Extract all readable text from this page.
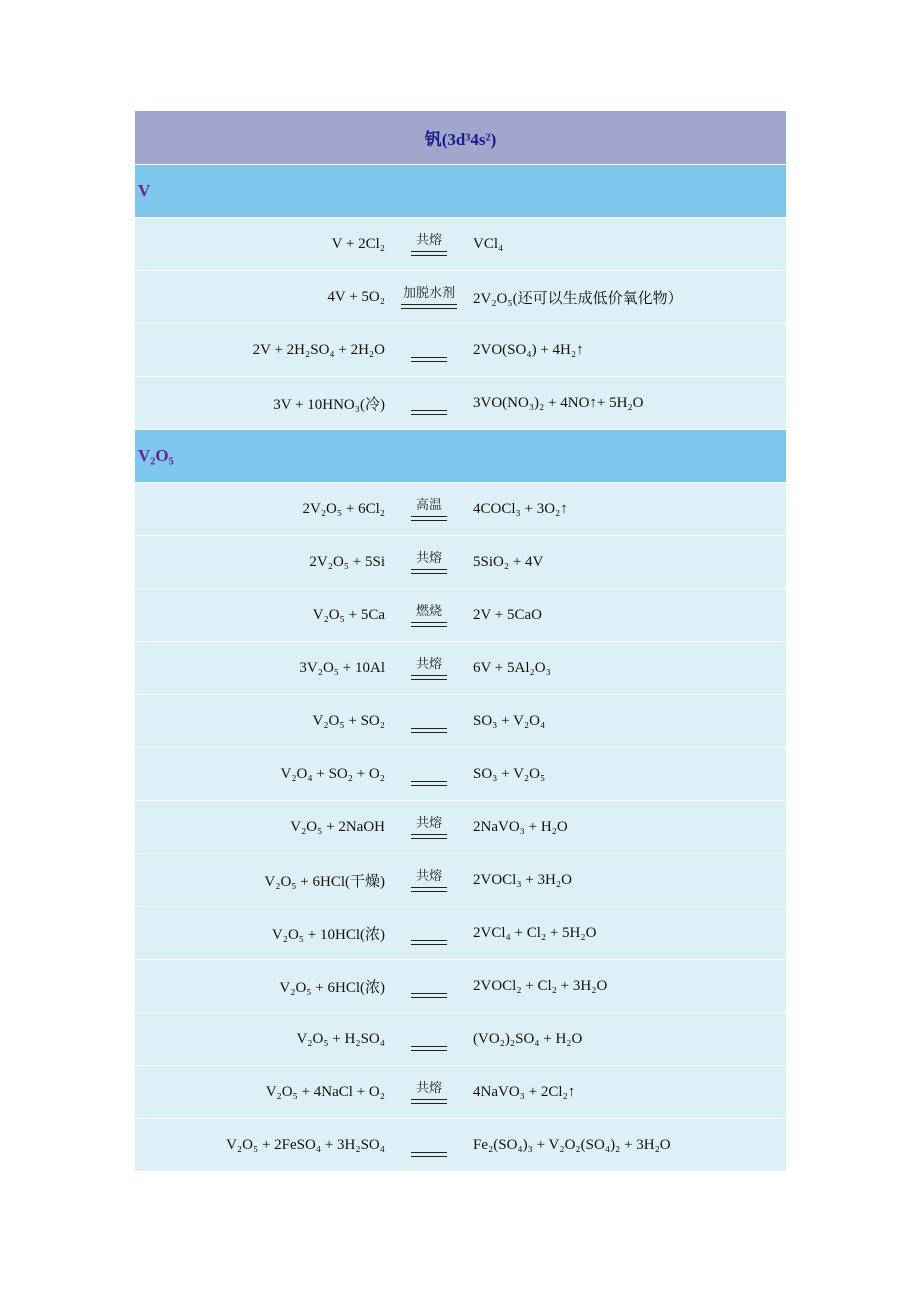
钒(3d³4s²)
V
V + 2Cl₂ 共熔 VCl₄
4V + 5O₂ 加脱水剂 2V₂O₅(还可以生成低价氧化物）
2V + 2H₂SO₄ + 2H₂O	2VO(SO₄) + 4H₂↑
3V + 10HNO₃(冷)	3VO(NO₃)₂ + 4NO↑+ 5H₂O
V₂O₅
2V₂O₅ + 6Cl₂ 高温 4COCl₃ + 3O₂↑
2V₂O₅ + 5Si 共熔 5SiO₂ + 4V
V₂O₅ + 5Ca 燃烧 2V + 5CaO
3V₂O₅ + 10Al 共熔 6V + 5Al₂O₃
V₂O₅ + SO₂	SO₃ + V₂O₄
V₂O₄ + SO₂ + O₂	SO₃ + V₂O₅
V₂O₅ + 2NaOH 共熔 2NaVO₃ + H₂O
V₂O₅ + 6HCl(干燥) 共熔 2VOCl₃ + 3H₂O
V₂O₅ + 10HCl(浓)	2VCl₄ + Cl₂ + 5H₂O
V₂O₅ + 6HCl(浓)	2VOCl₂ + Cl₂ + 3H₂O
V₂O₅ + H₂SO₄	(VO₂)₂SO₄ + H₂O
V₂O₅ + 4NaCl + O₂ 共熔 4NaVO₃ + 2Cl₂↑
V₂O₅ + 2FeSO₄ + 3H₂SO₄	Fe₂(SO₄)₃ + V₂O₂(SO₄)₂ + 3H₂O
